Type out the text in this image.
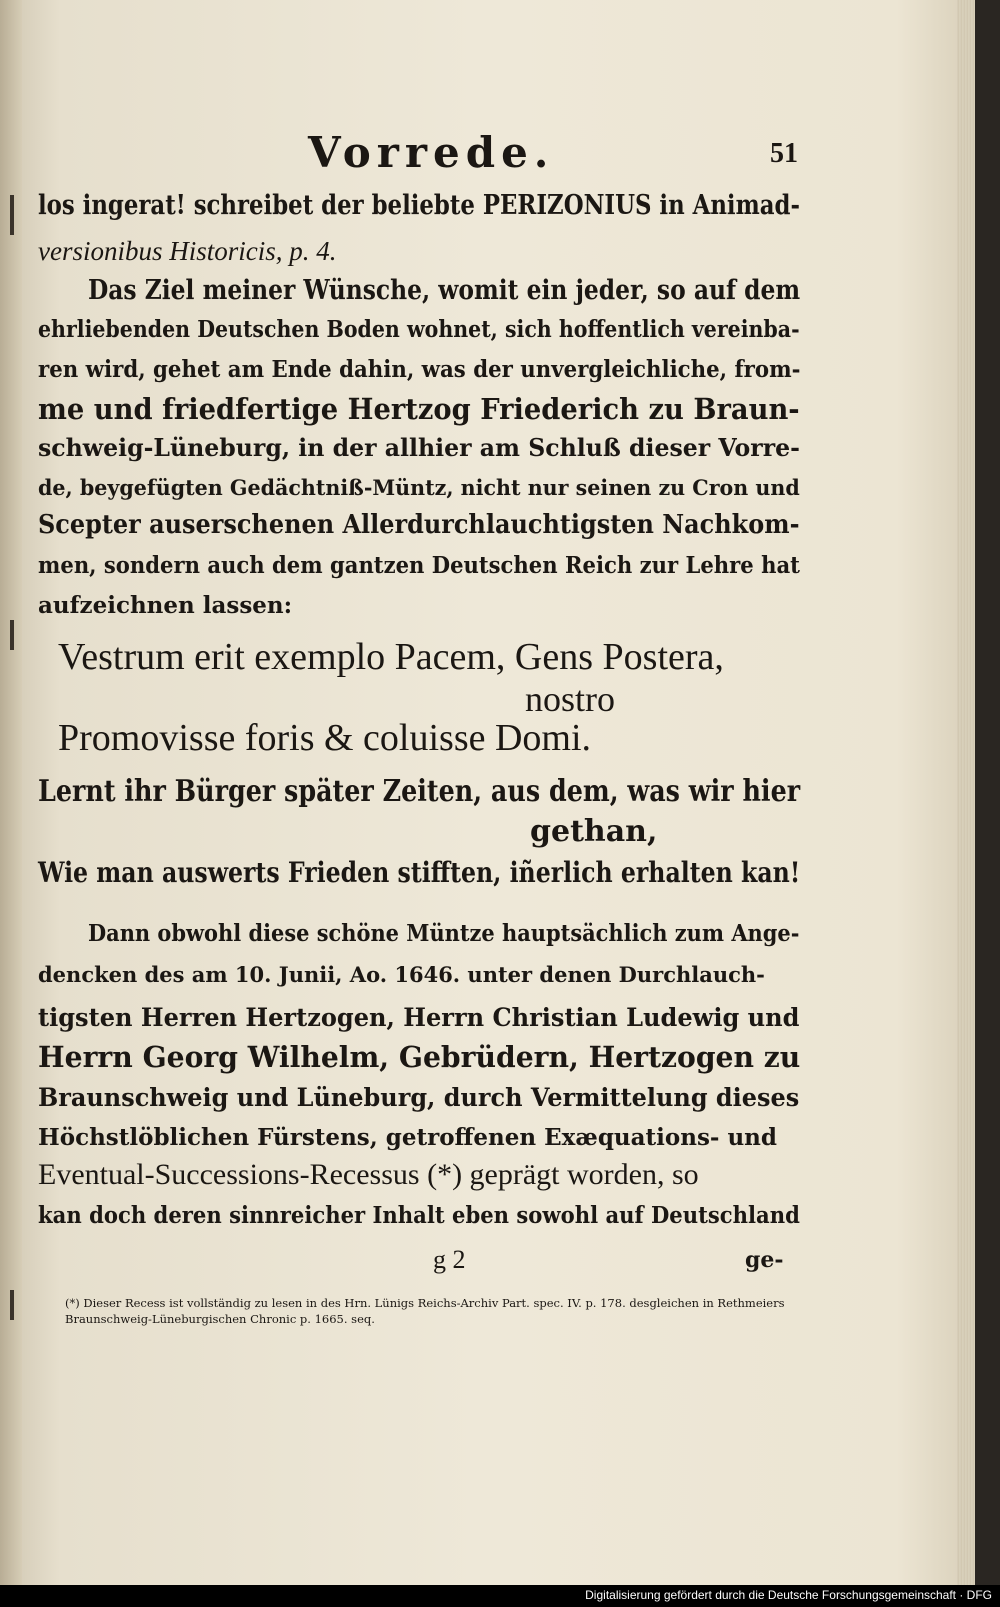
Vorrede.	51
los ingerat! schreibet der beliebte PERIZONIUS in Animad-
versionibus Historicis, p. 4.
Das Ziel meiner Wünsche, womit ein jeder, so auf dem
ehrliebenden Deutschen Boden wohnet, sich hoffentlich vereinba-
ren wird, gehet am Ende dahin, was der unvergleichliche, from-
me und friedfertige Hertzog Friederich zu Braun-
schweig-Lüneburg, in der allhier am Schluß dieser Vorre-
de, beygefügten Gedächtniß-Müntz, nicht nur seinen zu Cron und
Scepter auserschenen Allerdurchlauchtigsten Nachkom-
men, sondern auch dem gantzen Deutschen Reich zur Lehre hat
aufzeichnen lassen:
Vestrum erit exemplo Pacem, Gens Postera,
nostro
Promovisse foris & coluisse Domi.
Lernt ihr Bürger später Zeiten, aus dem, was wir hier
gethan,
Wie man auswerts Frieden stifften, iñerlich erhalten kan!
Dann obwohl diese schöne Müntze hauptsächlich zum Ange-
dencken des am 10. Junii, Ao. 1646. unter denen Durchlauch-
tigsten Herren Hertzogen, Herrn Christian Ludewig und
Herrn Georg Wilhelm, Gebrüdern, Hertzogen zu
Braunschweig und Lüneburg, durch Vermittelung dieses
Höchstlöblichen Fürstens, getroffenen Exæquations- und
Eventual-Successions-Recessus (*) geprägt worden, so
kan doch deren sinnreicher Inhalt eben sowohl auf Deutschland
g 2	ge-
(*) Dieser Recess ist vollständig zu lesen in des Hrn. Lünigs Reichs-Archiv Part. spec. IV. p. 178. desgleichen in Rethmeiers
Braunschweig-Lüneburgischen Chronic p. 1665. seq.
Digitalisierung gefördert durch die Deutsche Forschungsgemeinschaft · DFG
